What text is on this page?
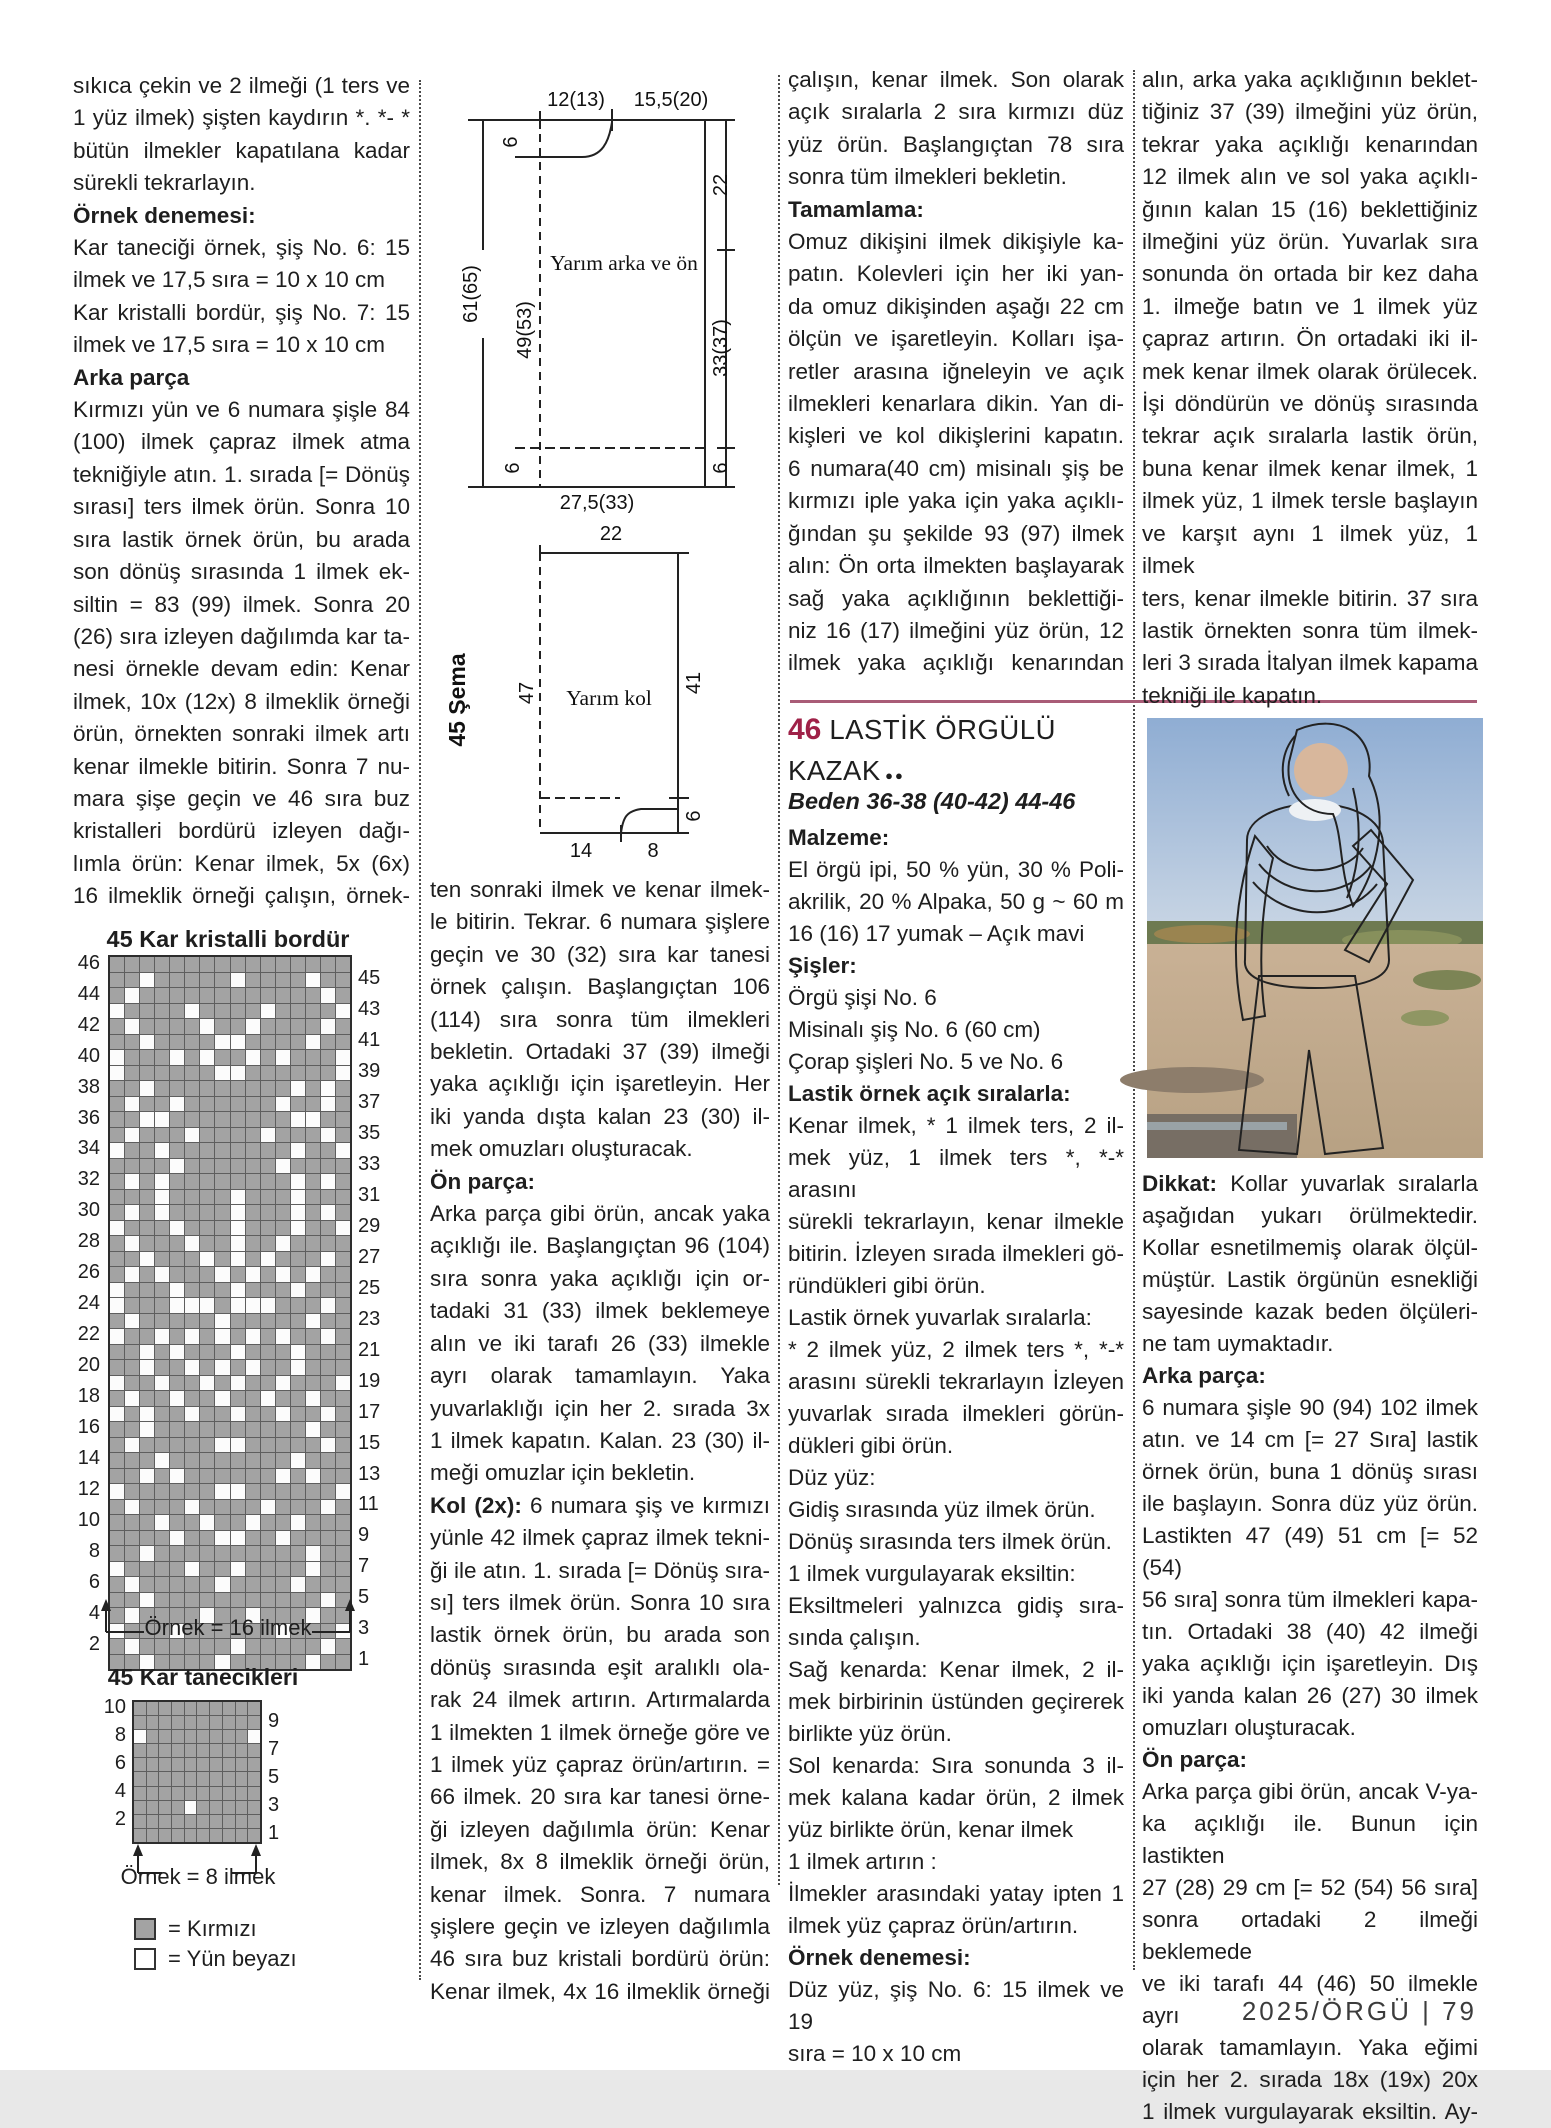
sıkıca çekin ve 2 ilmeği (1 ters ve
1 yüz ilmek) şişten kaydırın *. *- *
bütün ilmekler kapatılana kadar
sürekli tekrarlayın.
Örnek denemesi:
Kar taneciği örnek, şiş No. 6: 15
ilmek ve 17,5 sıra = 10 x 10 cm
Kar kristalli bordür, şiş No. 7: 15
ilmek ve 17,5 sıra = 10 x 10 cm
Arka parça
Kırmızı yün ve 6 numara şişle 84
(100) ilmek çapraz ilmek atma
tekniğiyle atın. 1. sırada [= Dönüş
sırası] ters ilmek örün. Sonra 10
sıra lastik örnek örün, bu arada
son dönüş sırasında 1 ilmek ek-
siltin = 83 (99) ilmek. Sonra 20
(26) sıra izleyen dağılımda kar ta-
nesi örnekle devam edin: Kenar
ilmek, 10x (12x) 8 ilmeklik örneği
örün, örnekten sonraki ilmek artı
kenar ilmekle bitirin. Sonra 7 nu-
mara şişe geçin ve 46 sıra buz
kristalleri bordürü izleyen dağı-
lımla örün: Kenar ilmek, 5x (6x)
16 ilmeklik örneği çalışın, örnek-
12(13) 15,5(20)
61(65)
49(53)
6
22
33(37)
6
6
27,5(33)
Yarım arka ve ön
22
45 Şema 47	41
6
14	8
Yarım kol
ten sonraki ilmek ve kenar ilmek-
le bitirin. Tekrar. 6 numara şişlere
geçin ve 30 (32) sıra kar tanesi
örnek çalışın. Başlangıçtan 106
(114) sıra sonra tüm ilmekleri
bekletin. Ortadaki 37 (39) ilmeği
yaka açıklığı için işaretleyin. Her
iki yanda dışta kalan 23 (30) il-
mek omuzları oluşturacak.
Ön parça:
Arka parça gibi örün, ancak yaka
açıklığı ile. Başlangıçtan 96 (104)
sıra sonra yaka açıklığı için or-
tadaki 31 (33) ilmek beklemeye
alın ve iki tarafı 26 (33) ilmekle
ayrı olarak tamamlayın. Yaka
yuvarlaklığı için her 2. sırada 3x
1 ilmek kapatın. Kalan. 23 (30) il-
meği omuzlar için bekletin.
Kol (2x): 6 numara şiş ve kırmızı
yünle 42 ilmek çapraz ilmek tekni-
ği ile atın. 1. sırada [= Dönüş sıra-
sı] ters ilmek örün. Sonra 10 sıra
lastik örnek örün, bu arada son
dönüş sırasında eşit aralıklı ola-
rak 24 ilmek artırın. Artırmalarda
1 ilmekten 1 ilmek örneğe göre ve
1 ilmek yüz çapraz örün/artırın. =
66 ilmek. 20 sıra kar tanesi örne-
ği izleyen dağılımla örün: Kenar
ilmek, 8x 8 ilmeklik örneği örün,
kenar ilmek. Sonra. 7 numara
şişlere geçin ve izleyen dağılımla
46 sıra buz kristali bordürü örün:
Kenar ilmek, 4x 16 ilmeklik örneği
45 Kar kristalli bordür
46
44
42
40
38
36
34
32
30
28
26
24
22
20
18
16
14
12
10
8
6
4
2
45
43
41
39
37
35
33
31
29
27
25
23
21
19
17
15
13
11
9
7
5
3
1
Örnek = 16 ilmek
45 Kar tanecikleri
10
8
6
4
2
9
7
5
3
1
Örnek = 8 ilmek
= Kırmızı
= Yün beyazı
çalışın, kenar ilmek. Son olarak
açık sıralarla 2 sıra kırmızı düz
yüz örün. Başlangıçtan 78 sıra
sonra tüm ilmekleri bekletin.
Tamamlama:
Omuz dikişini ilmek dikişiyle ka-
patın. Kolevleri için her iki yan-
da omuz dikişinden aşağı 22 cm
ölçün ve işaretleyin. Kolları işa-
retler arasına iğneleyin ve açık
ilmekleri kenarlara dikin. Yan di-
kişleri ve kol dikişlerini kapatın.
6 numara(40 cm) misinalı şiş be
kırmızı iple yaka için yaka açıklı-
ğından şu şekilde 93 (97) ilmek
alın: Ön orta ilmekten başlayarak
sağ yaka açıklığının beklettiği-
niz 16 (17) ilmeğini yüz örün, 12
ilmek yaka açıklığı kenarından
46 LASTİK ÖRGÜLÜ
KAZAK ●●
Beden 36-38 (40-42) 44-46
Malzeme:
El örgü ipi, 50 % yün, 30 % Poli-
akrilik, 20 % Alpaka, 50 g ~ 60 m
16 (16) 17 yumak – Açık mavi
Şişler:
Örgü şişi No. 6
Misinalı şiş No. 6 (60 cm)
Çorap şişleri No. 5 ve No. 6
Lastik örnek açık sıralarla:
Kenar ilmek, * 1 ilmek ters, 2 il-
mek yüz, 1 ilmek ters *, *-* arasını
sürekli tekrarlayın, kenar ilmekle
bitirin. İzleyen sırada ilmekleri gö-
ründükleri gibi örün.
Lastik örnek yuvarlak sıralarla:
* 2 ilmek yüz, 2 ilmek ters *, *-*
arasını sürekli tekrarlayın İzleyen
yuvarlak sırada ilmekleri görün-
dükleri gibi örün.
Düz yüz:
Gidiş sırasında yüz ilmek örün.
Dönüş sırasında ters ilmek örün.
1 ilmek vurgulayarak eksiltin:
Eksiltmeleri yalnızca gidiş sıra-
sında çalışın.
Sağ kenarda: Kenar ilmek, 2 il-
mek birbirinin üstünden geçirerek
birlikte yüz örün.
Sol kenarda: Sıra sonunda 3 il-
mek kalana kadar örün, 2 ilmek
yüz birlikte örün, kenar ilmek
1 ilmek artırın :
İlmekler arasındaki yatay ipten 1
ilmek yüz çapraz örün/artırın.
Örnek denemesi:
Düz yüz, şiş No. 6: 15 ilmek ve 19
sıra = 10 x 10 cm
alın, arka yaka açıklığının beklet-
tiğiniz 37 (39) ilmeğini yüz örün,
tekrar yaka açıklığı kenarından
12 ilmek alın ve sol yaka açıklı-
ğının kalan 15 (16) beklettiğiniz
ilmeğini yüz örün. Yuvarlak sıra
sonunda ön ortada bir kez daha
1. ilmeğe batın ve 1 ilmek yüz
çapraz artırın. Ön ortadaki iki il-
mek kenar ilmek olarak örülecek.
İşi döndürün ve dönüş sırasında
tekrar açık sıralarla lastik örün,
buna kenar ilmek kenar ilmek, 1
ilmek yüz, 1 ilmek tersle başlayın
ve karşıt aynı 1 ilmek yüz, 1 ilmek
ters, kenar ilmekle bitirin. 37 sıra
lastik örnekten sonra tüm ilmek-
leri 3 sırada İtalyan ilmek kapama
tekniği ile kapatın.
Dikkat: Kollar yuvarlak sıralarla
aşağıdan yukarı örülmektedir.
Kollar esnetilmemiş olarak ölçül-
müştür. Lastik örgünün esnekliği
sayesinde kazak beden ölçüleri-
ne tam uymaktadır.
Arka parça:
6 numara şişle 90 (94) 102 ilmek
atın. ve 14 cm [= 27 Sıra] lastik
örnek örün, buna 1 dönüş sırası
ile başlayın. Sonra düz yüz örün.
Lastikten 47 (49) 51 cm [= 52 (54)
56 sıra] sonra tüm ilmekleri kapa-
tın. Ortadaki 38 (40) 42 ilmeği
yaka açıklığı için işaretleyin. Dış
iki yanda kalan 26 (27) 30 ilmek
omuzları oluşturacak.
Ön parça:
Arka parça gibi örün, ancak V-ya-
ka açıklığı ile. Bunun için lastikten
27 (28) 29 cm [= 52 (54) 56 sıra]
sonra ortadaki 2 ilmeği beklemede
ve iki tarafı 44 (46) 50 ilmekle ayrı
olarak tamamlayın. Yaka eğimi
için her 2. sırada 18x (19x) 20x
1 ilmek vurgulayarak eksiltin. Ay-
2025/ÖRGÜ | 79
